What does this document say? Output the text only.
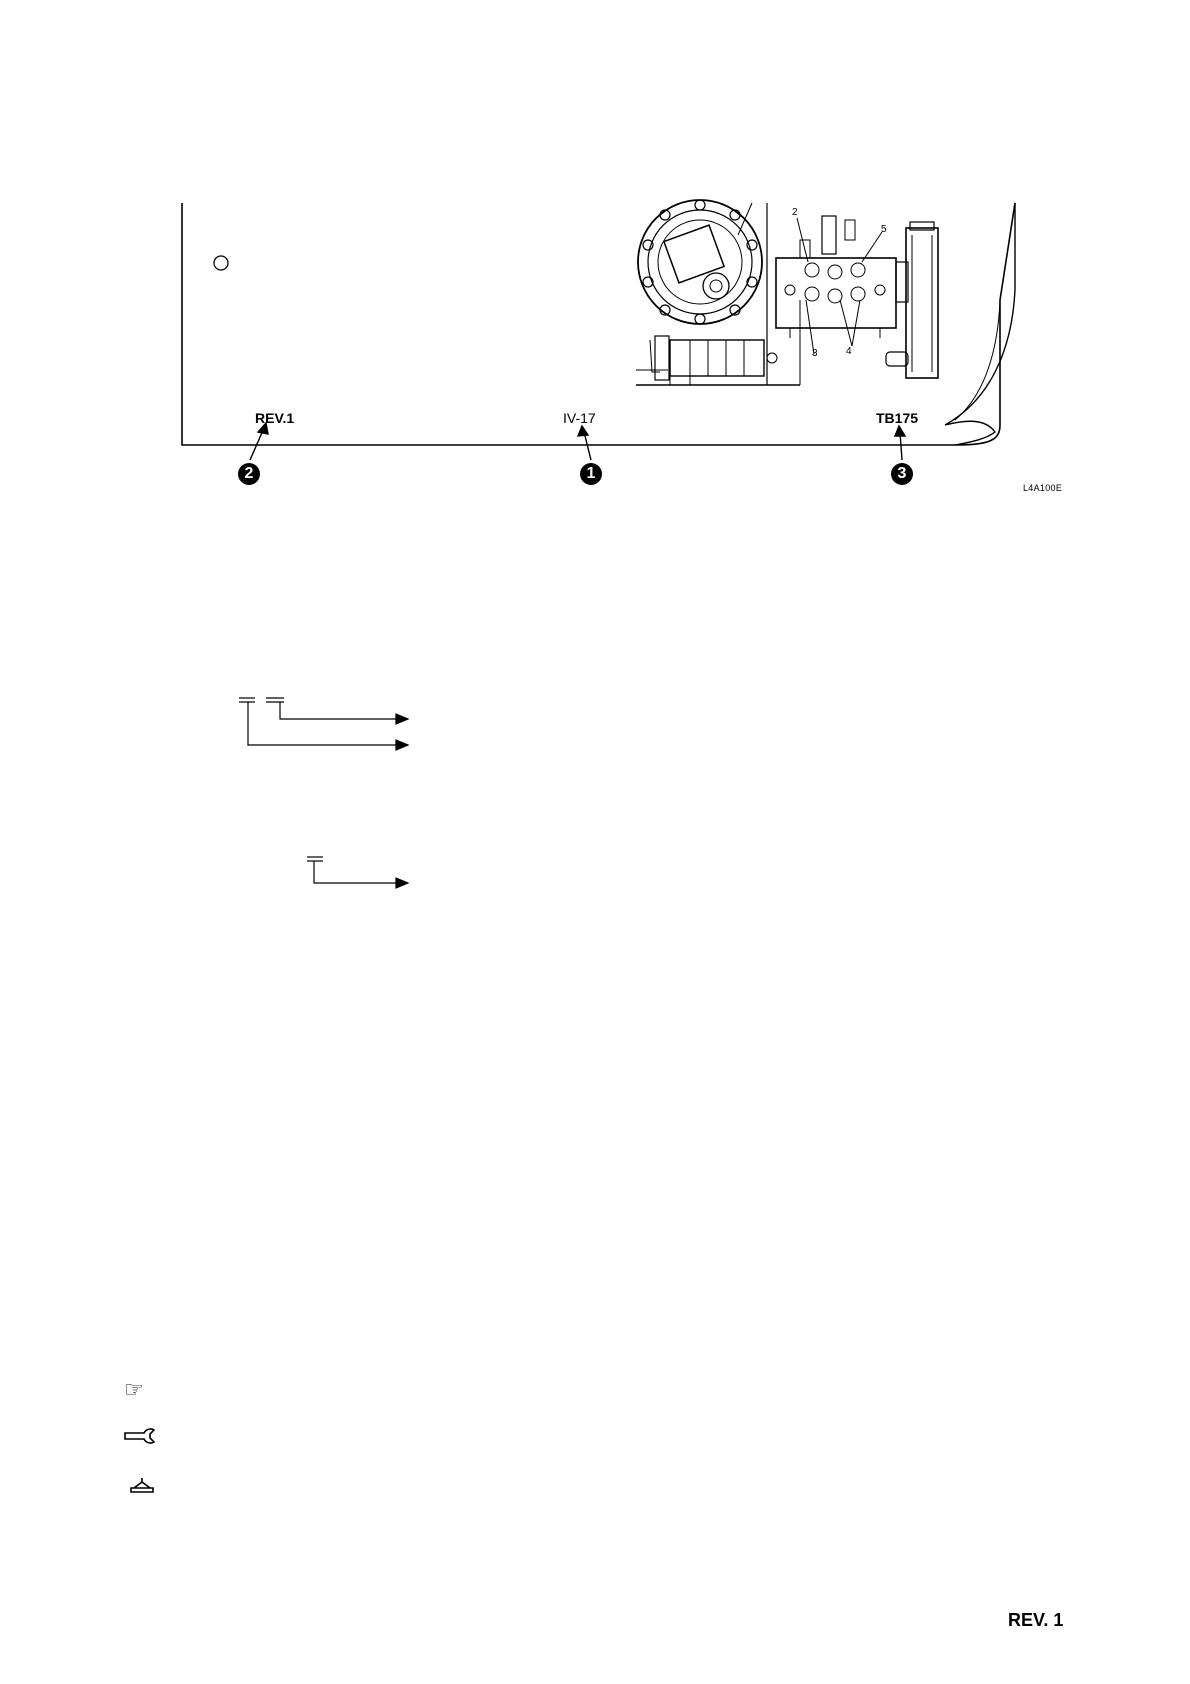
REV.1	IV-17	TB175
2
5
3	4
2	1	3
L4A100E
☞
REV. 1
